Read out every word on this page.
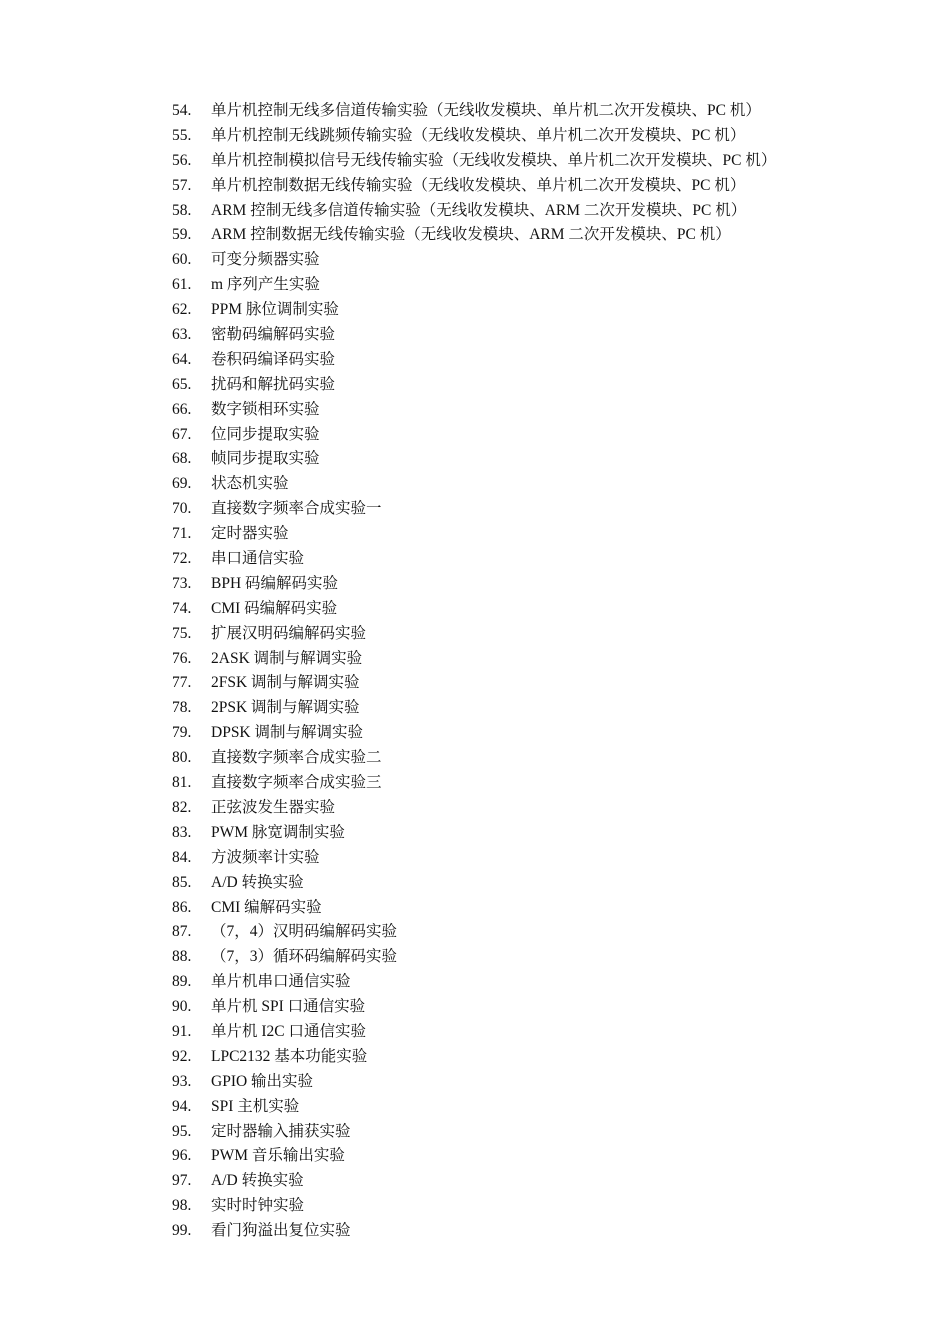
54.	单片机控制无线多信道传输实验（无线收发模块、单片机二次开发模块、PC 机）
55.	单片机控制无线跳频传输实验（无线收发模块、单片机二次开发模块、PC 机）
56.	单片机控制模拟信号无线传输实验（无线收发模块、单片机二次开发模块、PC 机）
57.	单片机控制数据无线传输实验（无线收发模块、单片机二次开发模块、PC 机）
58.	ARM 控制无线多信道传输实验（无线收发模块、ARM 二次开发模块、PC 机）
59.	ARM 控制数据无线传输实验（无线收发模块、ARM 二次开发模块、PC 机）
60.	可变分频器实验
61.	m 序列产生实验
62.	PPM 脉位调制实验
63.	密勒码编解码实验
64.	卷积码编译码实验
65.	扰码和解扰码实验
66.	数字锁相环实验
67.	位同步提取实验
68.	帧同步提取实验
69.	状态机实验
70.	直接数字频率合成实验一
71.	定时器实验
72.	串口通信实验
73.	BPH 码编解码实验
74.	CMI 码编解码实验
75.	扩展汉明码编解码实验
76.	2ASK 调制与解调实验
77.	2FSK 调制与解调实验
78.	2PSK 调制与解调实验
79.	DPSK 调制与解调实验
80.	直接数字频率合成实验二
81.	直接数字频率合成实验三
82.	正弦波发生器实验
83.	PWM 脉宽调制实验
84.	方波频率计实验
85.	A/D 转换实验
86.	CMI 编解码实验
87.	（7，4）汉明码编解码实验
88.	（7，3）循环码编解码实验
89.	单片机串口通信实验
90.	单片机 SPI 口通信实验
91.	单片机 I2C 口通信实验
92.	LPC2132 基本功能实验
93.	GPIO 输出实验
94.	SPI 主机实验
95.	定时器输入捕获实验
96.	PWM 音乐输出实验
97.	A/D 转换实验
98.	实时时钟实验
99.	看门狗溢出复位实验
